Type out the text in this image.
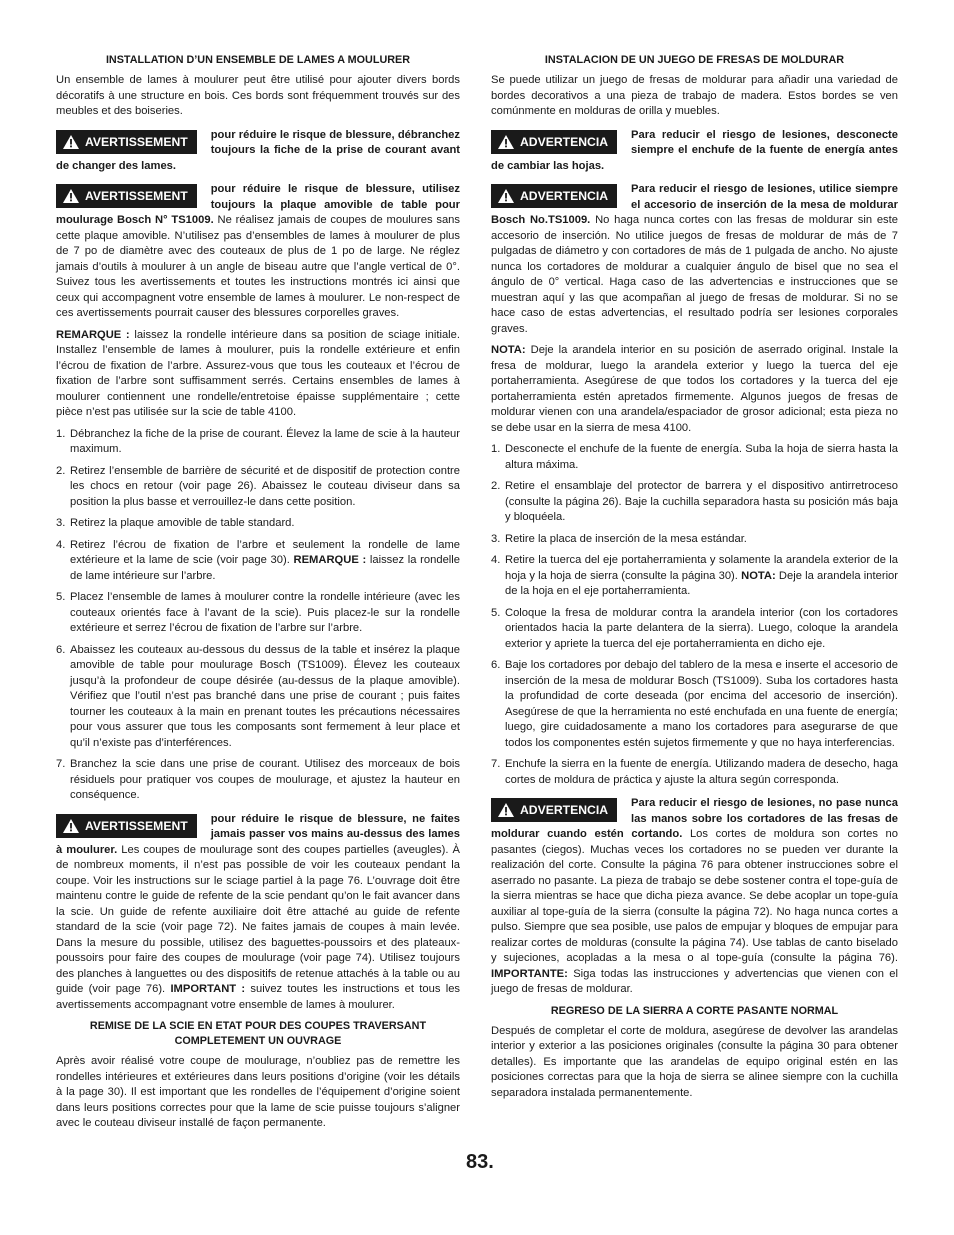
INSTALLATION D’UN ENSEMBLE DE LAMES A MOULURER

Un ensemble de lames à moulurer peut être utilisé pour ajouter divers bords décoratifs à une structure en bois. Ces bords sont fréquemment trouvés sur des meubles et des boiseries.

AVERTISSEMENT	pour réduire le risque de blessure, débranchez toujours la fiche de la prise de courant avant de changer des lames.

AVERTISSEMENT	pour réduire le risque de blessure, utilisez toujours la plaque amovible de table pour moulurage Bosch N° TS1009. Ne réalisez jamais de coupes de moulures sans cette plaque amovible. N’utilisez pas d’ensembles de lames à moulurer de plus de 7 po de diamètre avec des couteaux de plus de 1 po de large. Ne réglez jamais d’outils à moulurer à un angle de biseau autre que l’angle vertical de 0°. Suivez tous les avertissements et toutes les instructions montrés ici ainsi que ceux qui accompagnent votre ensemble de lames à moulurer. Le non-respect de ces avertissements pourrait causer des blessures corporelles graves.

REMARQUE : laissez la rondelle intérieure dans sa position de sciage initiale. Installez l’ensemble de lames à moulurer, puis la rondelle extérieure et enfin l’écrou de fixation de l’arbre. Assurez-vous que tous les couteaux et l’écrou de fixation de l’arbre sont suffisamment serrés. Certains ensembles de lames à moulurer contiennent une rondelle/entretoise épaisse supplémentaire ; cette pièce n’est pas utilisée sur la scie de table 4100.

1. Débranchez la fiche de la prise de courant. Élevez la lame de scie à la hauteur maximum.
2. Retirez l’ensemble de barrière de sécurité et de dispositif de protection contre les chocs en retour (voir page 26). Abaissez le couteau diviseur dans sa position la plus basse et verrouillez-le dans cette position.
3. Retirez la plaque amovible de table standard.
4. Retirez l’écrou de fixation de l’arbre et seulement la rondelle de lame extérieure et la lame de scie (voir page 30). REMARQUE : laissez la rondelle de lame intérieure sur l’arbre.
5. Placez l’ensemble de lames à moulurer contre la rondelle intérieure (avec les couteaux orientés face à l’avant de la scie). Puis placez-le sur la rondelle extérieure et serrez l’écrou de fixation de l’arbre sur l’arbre.
6. Abaissez les couteaux au-dessous du dessus de la table et insérez la plaque amovible de table pour moulurage Bosch (TS1009). Élevez les couteaux jusqu’à la profondeur de coupe désirée (au-dessus de la plaque amovible). Vérifiez que l’outil n’est pas branché dans une prise de courant ; puis faites tourner les couteaux à la main en prenant toutes les précautions nécessaires pour vous assurer que tous les composants sont fermement à leur place et qu’il n’existe pas d’interférences.
7. Branchez la scie dans une prise de courant. Utilisez des morceaux de bois résiduels pour pratiquer vos coupes de moulurage, et ajustez la hauteur en conséquence.
AVERTISSEMENT	pour réduire le risque de blessure, ne faites jamais passer vos mains au-dessus des lames à moulurer. Les coupes de moulurage sont des coupes partielles (aveugles). À de nombreux moments, il n’est pas possible de voir les couteaux pendant la coupe. Voir les instructions sur le sciage partiel à la page 76. L’ouvrage doit être maintenu contre le guide de refente de la scie pendant qu’on le fait avancer dans la scie. Un guide de refente auxiliaire doit être attaché au guide de refente standard de la scie (voir page 72). Ne faites jamais de coupes à main levée. Dans la mesure du possible, utilisez des baguettes-poussoirs et des plateaux-poussoirs pour faire des coupes de moulurage (voir page 74). Utilisez toujours des planches à languettes ou des dispositifs de retenue attachés à la table ou au guide (voir page 76). IMPORTANT : suivez toutes les instructions et tous les avertissements accompagnant votre ensemble de lames à moulurer.

REMISE DE LA SCIE EN ETAT POUR DES COUPES TRAVERSANT COMPLETEMENT UN OUVRAGE

Après avoir réalisé votre coupe de moulurage, n’oubliez pas de remettre les rondelles intérieures et extérieures dans leurs positions d’origine (voir les détails à la page 30). Il est important que les rondelles de l’équipement d’origine soient dans leurs positions correctes pour que la lame de scie puisse toujours s’aligner avec le couteau diviseur installé de façon permanente.

INSTALACION DE UN JUEGO DE FRESAS DE MOLDURAR

Se puede utilizar un juego de fresas de moldurar para añadir una variedad de bordes decorativos a una pieza de trabajo de madera. Estos bordes se ven comúnmente en molduras de orilla y muebles.

ADVERTENCIA	Para reducir el riesgo de lesiones, desconecte siempre el enchufe de la fuente de energía antes de cambiar las hojas.

ADVERTENCIA	Para reducir el riesgo de lesiones, utilice siempre el accesorio de inserción de la mesa de moldurar Bosch No.TS1009. No haga nunca cortes con las fresas de moldurar sin este accesorio de inserción. No utilice juegos de fresas de moldurar de más de 7 pulgadas de diámetro y con cortadores de más de 1 pulgada de ancho. No ajuste nunca los cortadores de moldurar a cualquier ángulo de bisel que no sea el ángulo de 0° vertical. Haga caso de las advertencias e instrucciones que se muestran aquí y las que acompañan al juego de fresas de moldurar. Si no se hace caso de estas advertencias, el resultado podría ser lesiones corporales graves.

NOTA: Deje la arandela interior en su posición de aserrado original. Instale la fresa de moldurar, luego la arandela exterior y luego la tuerca del eje portaherramienta. Asegúrese de que todos los cortadores y la tuerca del eje portaherramienta estén apretados firmemente. Algunos juegos de fresas de moldurar vienen con una arandela/espaciador de grosor adicional; esta pieza no se debe usar en la sierra de mesa 4100.

1. Desconecte el enchufe de la fuente de energía. Suba la hoja de sierra hasta la altura máxima.
2. Retire el ensamblaje del protector de barrera y el dispositivo antirretroceso (consulte la página 26). Baje la cuchilla separadora hasta su posición más baja y bloquéela.
3. Retire la placa de inserción de la mesa estándar.
4. Retire la tuerca del eje portaherramienta y solamente la arandela exterior de la hoja y la hoja de sierra (consulte la página 30). NOTA: Deje la arandela interior de la hoja en el eje portaherramienta.
5. Coloque la fresa de moldurar contra la arandela interior (con los cortadores orientados hacia la parte delantera de la sierra). Luego, coloque la arandela exterior y apriete la tuerca del eje portaherramienta en dicho eje.
6. Baje los cortadores por debajo del tablero de la mesa e inserte el accesorio de inserción de la mesa de moldurar Bosch (TS1009). Suba los cortadores hasta la profundidad de corte deseada (por encima del accesorio de inserción). Asegúrese de que la herramienta no esté enchufada en una fuente de energía; luego, gire cuidadosamente a mano los cortadores para asegurarse de que todos los componentes estén sujetos firmemente y que no haya interferencias.
7. Enchufe la sierra en la fuente de energía. Utilizando madera de desecho, haga cortes de moldura de práctica y ajuste la altura según corresponda.
ADVERTENCIA	Para reducir el riesgo de lesiones, no pase nunca las manos sobre los cortadores de las fresas de moldurar cuando estén cortando. Los cortes de moldura son cortes no pasantes (ciegos). Muchas veces los cortadores no se pueden ver durante la realización del corte. Consulte la página 76 para obtener instrucciones sobre el aserrado no pasante. La pieza de trabajo se debe sostener contra el tope-guía de la sierra mientras se hace que dicha pieza avance. Se debe acoplar un tope-guía auxiliar al tope-guía de la sierra (consulte la página 72). No haga nunca cortes a pulso. Siempre que sea posible, use palos de empujar y bloques de empujar para realizar cortes de molduras (consulte la página 74). Use tablas de canto biselado y sujeciones, acopladas a la mesa o al tope-guía (consulte la página 76). IMPORTANTE: Siga todas las instrucciones y advertencias que vienen con el juego de fresas de moldurar.

REGRESO DE LA SIERRA A CORTE PASANTE NORMAL

Después de completar el corte de moldura, asegúrese de devolver las arandelas interior y exterior a las posiciones originales (consulte la página 30 para obtener detalles). Es importante que las arandelas de equipo original estén en las posiciones correctas para que la hoja de sierra se alinee siempre con la cuchilla separadora instalada permanentemente.

83.
